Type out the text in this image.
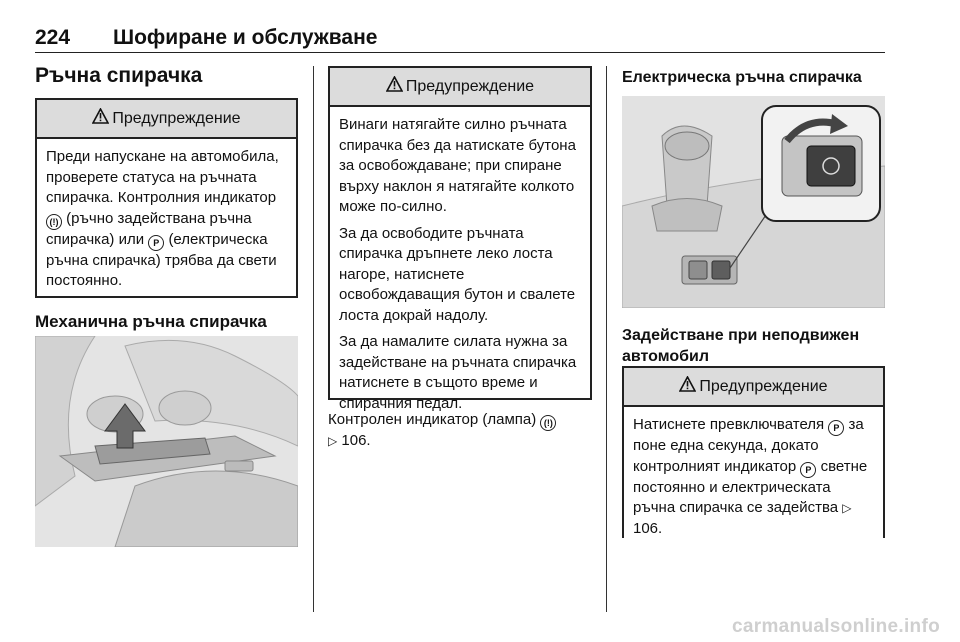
224 Шофиране и обслужване
Ръчна спирачка
Предупреждение

Преди напускане на автомобила, проверете статуса на ръчната спирачка. Контролния индикатор (!) (ръчно задействана ръчна спирачка) или P (електрическа ръчна спирачка) трябва да свети постоянно.

Механична ръчна спирачка
Предупреждение

Винаги натягайте силно ръчната спирачка без да натискате бутона за освобождаване; при спиране върху наклон я натягайте колкото може по-силно.

За да освободите ръчната спирачка дръпнете леко лоста нагоре, натиснете освобождаващия бутон и свалете лоста докрай надолу.

За да намалите силата нужна за задействане на ръчната спирачка натиснете в същото време и спирачния педал.

Контролен индикатор (лампа) (!)
▷ 106.
Електрическа ръчна спирачка
Задействане при неподвижен автомобил
Предупреждение

Натиснете превключвателя P за поне една секунда, докато контролният индикатор P светне постоянно и електрическата ръчна спирачка се задейства ▷ 106.

carmanualsonline.info
